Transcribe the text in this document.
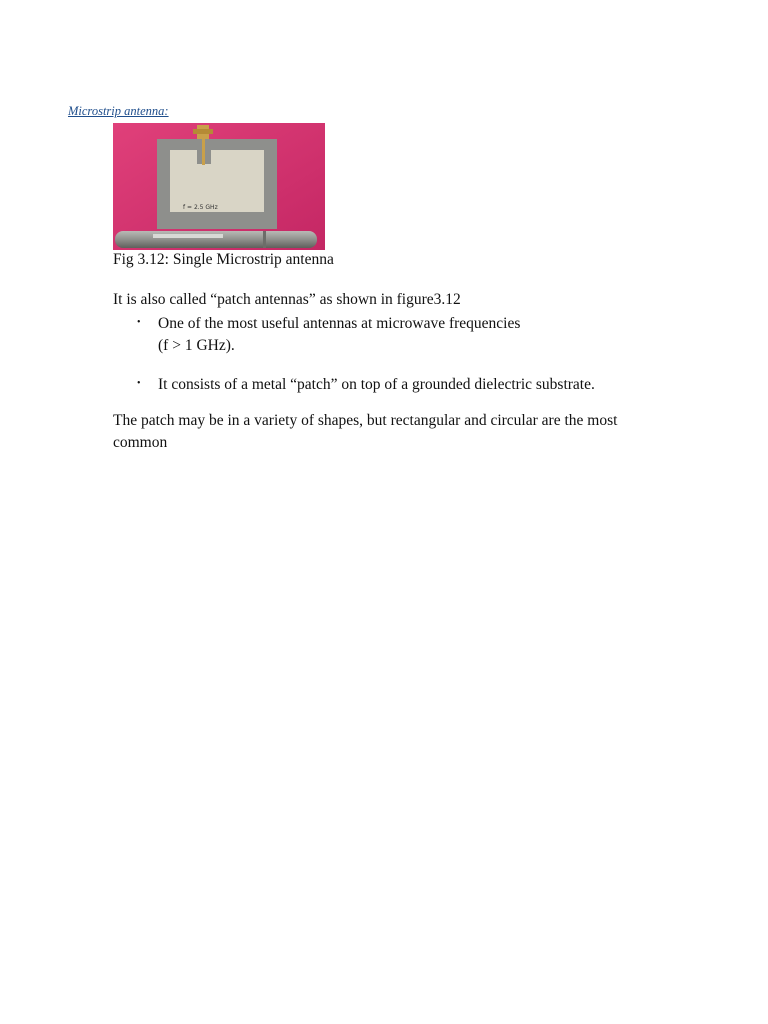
Microstrip antenna:
f = 2.5 GHz
Fig 3.12: Single Microstrip antenna
It is also called “patch antennas” as shown in figure3.12
• One of the most useful antennas at microwave frequencies
(f > 1 GHz).
• It consists of a metal “patch” on top of a grounded dielectric substrate.
The patch may be in a variety of shapes, but rectangular and circular are the most common
